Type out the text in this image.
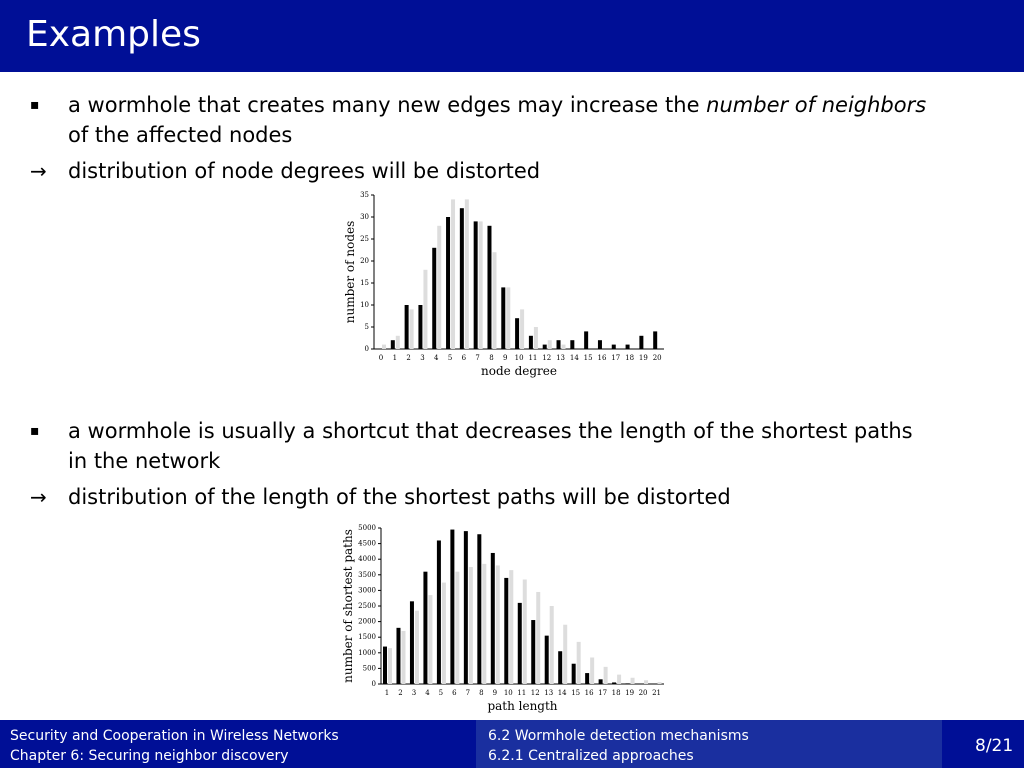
Examples
▪ a wormhole that creates many new edges may increase the number of neighbors
of the affected nodes
→ distribution of node degrees will be distorted
0
5
10
15
20
25
30
35
0 1 2 3 4 5 6 7 8 9 10 11 12 13 14 15 16 17 18 19 20
node degree
number of nodes
▪ a wormhole is usually a shortcut that decreases the length of the shortest paths
in the network
→ distribution of the length of the shortest paths will be distorted
0
500
1000
1500
2000
2500
3000
3500
4000
4500
5000
1 2 3 4 5 6 7 8 9 10 11 12 13 14 15 16 17 18 19 20 21
path length
number of shortest paths
Security and Cooperation in Wireless Networks
Chapter 6: Securing neighbor discovery
6.2 Wormhole detection mechanisms
6.2.1 Centralized approaches	8/21
